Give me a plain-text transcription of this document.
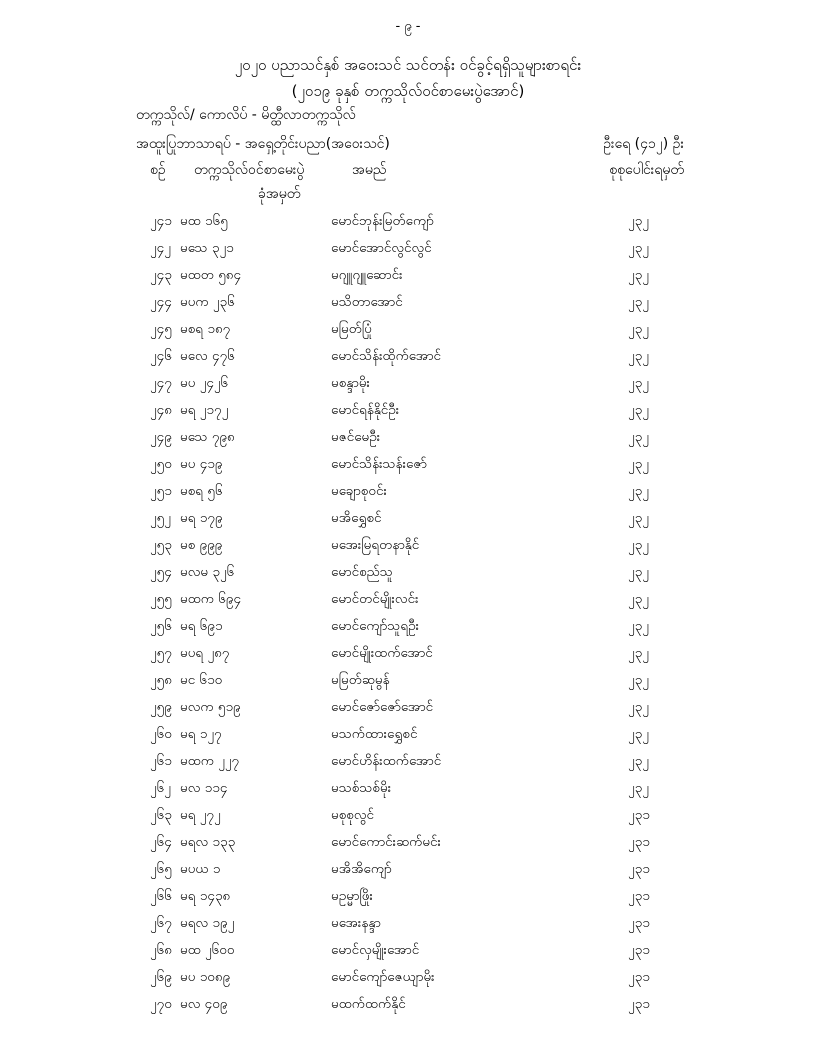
- ၉ -
၂၀၂၀ ပညာသင်နှစ် အဝေးသင် သင်တန်း ဝင်ခွင့်ရရှိသူများစာရင်း
(၂၀၁၉ ခုနှစ် တက္ကသိုလ်ဝင်စာမေးပွဲအောင်)
တက္ကသိုလ်/ ကောလိပ် - မိတ္ထီလာတက္ကသိုလ်
အထူးပြုဘာသာရပ် - အရှေ့တိုင်းပညာ(အဝေးသင်)	ဦးရေ (၄၁၂) ဦး
စဉ် တက္ကသိုလ်ဝင်စာမေးပွဲ
ခုံအမှတ်
အမည်	စုစုပေါင်းရမှတ်
၂၄၁ မထ ၁၆၅	မောင်ဘုန်းမြတ်ကျော်	၂၃၂
၂၄၂ မသေ ၃၂၁	မောင်အောင်လွင်လွင်	၂၃၂
၂၄၃ မထတ ၅၈၄	မဂျူဂျူဆောင်း	၂၃၂
၂၄၄ မပက ၂၃၆	မသိတာအောင်	၂၃၂
၂၄၅ မစရ ၁၈၇	မမြတ်ပြုံ	၂၃၂
၂၄၆ မလေ ၄၇၆	မောင်သိန်းထိုက်အောင်	၂၃၂
၂၄၇ မပ ၂၄၂၆	မစန္ဒာမိုး	၂၃၂
၂၄၈ မရ ၂၁၇၂	မောင်ရန်နိုင်ဦး	၂၃၂
၂၄၉ မသေ ၇၉၈	မဇင်မေဦး	၂၃၂
၂၅၀ မပ ၄၁၉	မောင်သိန်းသန်းဇော်	၂၃၂
၂၅၁ မစရ ၅၆	မချောစုဝင်း	၂၃၂
၂၅၂ မရ ၁၇၉	မအိရွှေစင်	၂၃၂
၂၅၃ မစ ၉၉၉	မအေးမြရတနာနိုင်	၂၃၂
၂၅၄ မလမ ၃၂၆	မောင်စည်သူ	၂၃၂
၂၅၅ မထက ၆၉၄	မောင်တင်မျိုးလင်း	၂၃၂
၂၅၆ မရ ၆၉၁	မောင်ကျော်သူရဦး	၂၃၂
၂၅၇ မပရ ၂၈၇	မောင်မျိုးထက်အောင်	၂၃၂
၂၅၈ မင ၆၁၀	မမြတ်ဆုမွန်	၂၃၂
၂၅၉ မလက ၅၁၉	မောင်ဇော်ဇော်အောင်	၂၃၂
၂၆၀ မရ ၁၂၇	မသက်ထားရွှေစင်	၂၃၂
၂၆၁ မထက ၂၂၇	မောင်ဟိန်းထက်အောင်	၂၃၂
၂၆၂ မလ ၁၁၄	မသစ်သစ်မိုး	၂၃၂
၂၆၃ မရ ၂၇၂	မစုစုလွင်	၂၃၁
၂၆၄ မရလ ၁၃၃	မောင်ကောင်းဆက်မင်း	၂၃၁
၂၆၅ မပယ ၁	မအိအိကျော်	၂၃၁
၂၆၆ မရ ၁၄၃၈	မဥမ္မာဖြိုး	၂၃၁
၂၆၇ မရလ ၁၉၂	မအေးနန္ဒာ	၂၃၁
၂၆၈ မထ ၂၆၀၀	မောင်လှမျိုးအောင်	၂၃၁
၂၆၉ မပ ၁၀၈၉	မောင်ကျော်ဇေယျာမိုး	၂၃၁
၂၇၀ မလ ၄၀၉	မထက်ထက်နိုင်	၂၃၁
